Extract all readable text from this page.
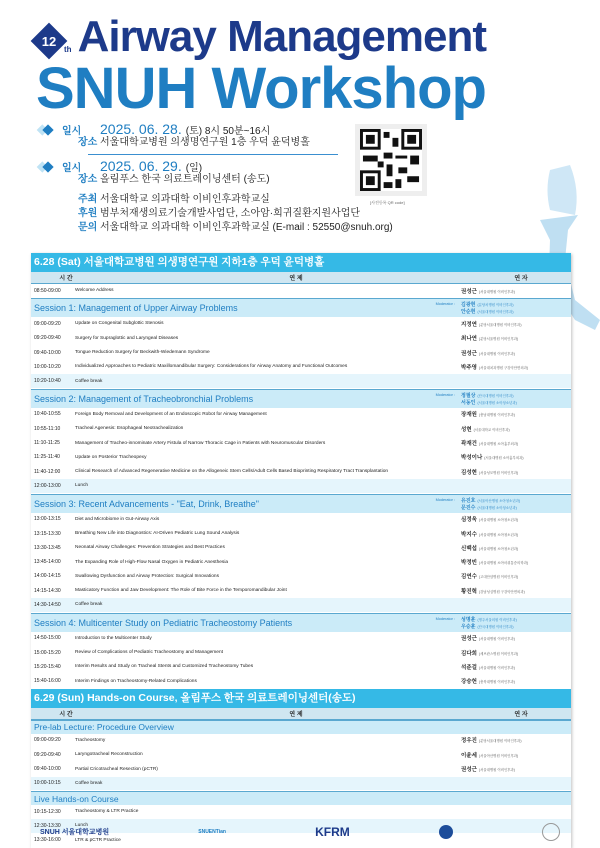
12
th Airway Management
SNUH Workshop
일시	2025. 06. 28. (토) 8시 50분~16시
장소 서울대학교병원 의생명연구원 1층 우덕 윤덕병홀
일시	2025. 06. 29. (일)
장소 올림푸스 한국 의료트레이닝센터 (송도)
주최 서울대학교 의과대학 이비인후과학교실
후원 범부처재생의료기술개발사업단, 소아암·희귀질환지원사업단
문의 서울대학교 의과대학 이비인후과학교실 (E-mail : 52550@snuh.org)
[사전등록 QR code]
6.28 (Sat) 서울대학교병원 의생명연구원 지하1층 우덕 윤덕병홀
시 간	연 제	연 자
08:50-09:00	Welcome Address	권성근 (서울대병원 이비인후과)
Session 1: Management of Upper Airway Problems	Moderator : 김광현 (분당차병원 이비인후과)
안순현 (서울대병원 이비인후과)
09:00-09:20	Update on Congenital Subglottic Stenosis	지정연 (분당서울대병원 이비인후과)
09:20-09:40	Surgery for Supraglottic and Laryngeal Diseases	최나연 (분당서울병원 이비인후과)
09:40-10:00	Tongue Reduction Surgery for Beckwith-Wiedemann Syndrome	권성근 (서울대병원 이비인후과)
10:00-10:20	Individualized Approaches to Pediatric Maxillomandibular Surgery: Considerations for Airway Anatomy and Functional Outcomes	박주영 (서울대치과병원 구강악안면외과)
10:20-10:40	Coffee break
Session 2: Management of Tracheobronchial Problems	Moderator : 정필상 (단국대병원 이비인후과)
서동인 (서울대병원 소아청소년과)
10:40-10:55	Foreign Body Removal and Development of an Endoscopic Robot for Airway Management	장재원 (충남대병원 이비인후과)
10:55-11:10	Tracheal Agenesis: Esophageal Neotrachealization	성현 (서울대학교 이비인후과)
11:10-11:25	Management of Tracheo-innominate Artery Fistula of Narrow Thoracic Cage in Patients with Neuromuscular Disorders	곽재건 (서울대병원 소아흉부외과)
11:25-11:40	Update on Posterior Tracheopexy	박성이나 (서울대병원 소아흉부외과)
11:40-12:00	Clinical Research of Advanced Regenerative Medicine on the Allogeneic Stem Cells/Adult Cells Based Bioprinting Respiratory Tract Transplantation	김성현 (서울성모병원 이비인후과)
12:00-13:00	Lunch
Session 3: Recent Advancements - "Eat, Drink, Breathe"	Moderator : 유진호 (서울아산병원 소아청소년과)
문진수 (서울대병원 소아청소년과)
13:00-13:15	Diet and Microbiome in Gut-Airway Axis	심정욱 (서울대병원 소아청소년과)
13:15-13:30	Breathing New Life into Diagnostics: AI-Driven Pediatric Lung Sound Analysis	박지수 (서울대병원 소아청소년과)
13:30-13:45	Neonatal Airway Challenges: Prevention Strategies and Best Practices	신백섭 (서울대병원 소아청소년과)
13:45-14:00	The Expanding Role of High-Flow Nasal Oxygen in Pediatric Anesthesia	박정빈 (서울대병원 소아마취통증의학과)
14:00-14:15	Swallowing Dysfunction and Airway Protection: Surgical Innovations	김연수 (고대안암병원 이비인후과)
14:15-14:30	Masticatory Function and Jaw Development: The Role of Bite Force in the Temporomandibular Joint	황진혁 (강남성심병원 구강악안면외과)
14:30-14:50	Coffee break
Session 4: Multicenter Study on Pediatric Tracheostomy Patients	Moderator : 성명훈 (명주서울의원 이비인후과)
우승훈 (단국대병원 이비인후과)
14:50-15:00	Introduction to the Multicenter Study	권성근 (서울대병원 이비인후과)
15:00-15:20	Review of Complications of Pediatric Tracheostomy and Management	김다희 (세브란스병원 이비인후과)
15:20-15:40	Interim Results and Study on Tracheal Stents and Customized Tracheostomy Tubes	석준걸 (서울대병원 이비인후과)
15:40-16:00	Interim Findings on Tracheostomy-Related Complications	강승헌 (충북대병원 이비인후과)
6.29 (Sun) Hands-on Course, 올림푸스 한국 의료트레이닝센터(송도)
시 간	연 제	연 자
Pre-lab Lecture: Procedure Overview
09:00-09:20	Tracheostomy	정우진 (분당서울대병원 이비인후과)
09:20-09:40	Laryngotracheal Reconstruction	이윤세 (서울아산병원 이비인후과)
09:40-10:00	Partial Cricotracheal Resection (pCTR)	권성근 (서울대병원 이비인후과)
10:00-10:15	Coffee break
Live Hands-on Course
10:15-12:30	Tracheostomy & LTR Practice
12:30-13:30	Lunch
13:30-16:00	LTR & pCTR Practice
SNUH 서울대학교병원	SNUENTian	KFRM
